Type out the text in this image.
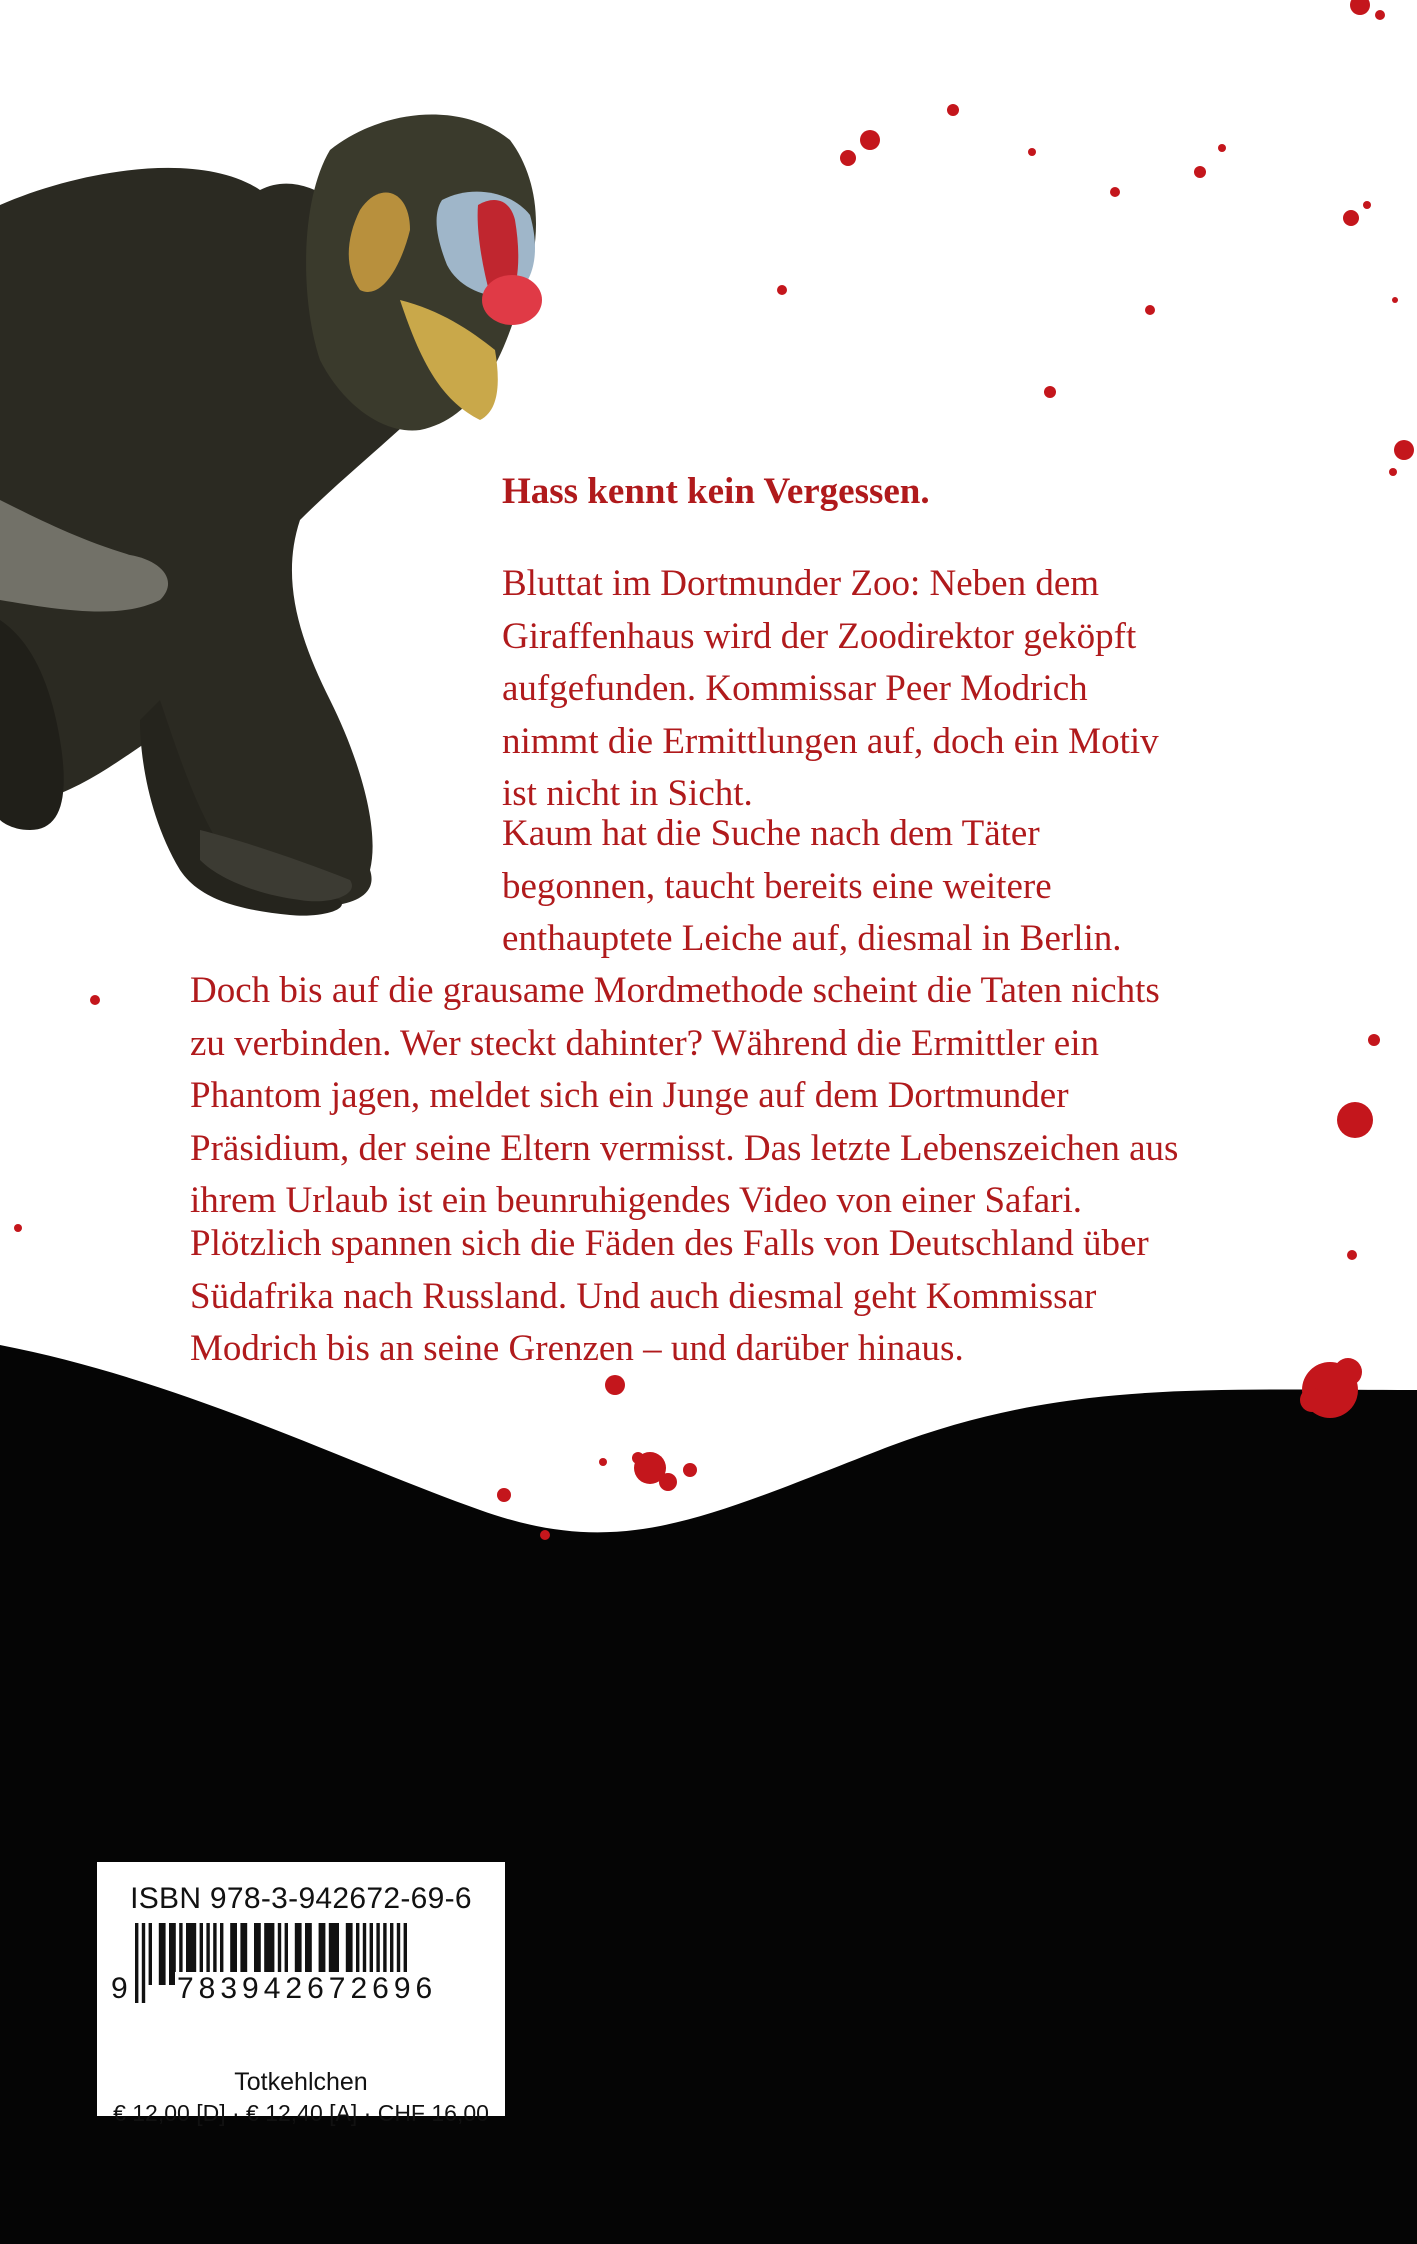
Hass kennt kein Vergessen.

Bluttat im Dortmunder Zoo: Neben dem
Giraffenhaus wird der Zoodirektor geköpft
aufgefunden. Kommissar Peer Modrich
nimmt die Ermittlungen auf, doch ein Motiv
ist nicht in Sicht.

Kaum hat die Suche nach dem Täter
begonnen, taucht bereits eine weitere
enthauptete Leiche auf, diesmal in Berlin.

Doch bis auf die grausame Mordmethode scheint die Taten nichts
zu verbinden. Wer steckt dahinter? Während die Ermittler ein
Phantom jagen, meldet sich ein Junge auf dem Dortmunder
Präsidium, der seine Eltern vermisst. Das letzte Lebenszeichen aus
ihrem Urlaub ist ein beunruhigendes Video von einer Safari.

Plötzlich spannen sich die Fäden des Falls von Deutschland über
Südafrika nach Russland. Und auch diesmal geht Kommissar
Modrich bis an seine Grenzen – und darüber hinaus.

ISBN 978-3-942672-69-6
9 783942672696
Totkehlchen
€ 12,00 [D] · € 12,40 [A] · CHF 16,00
